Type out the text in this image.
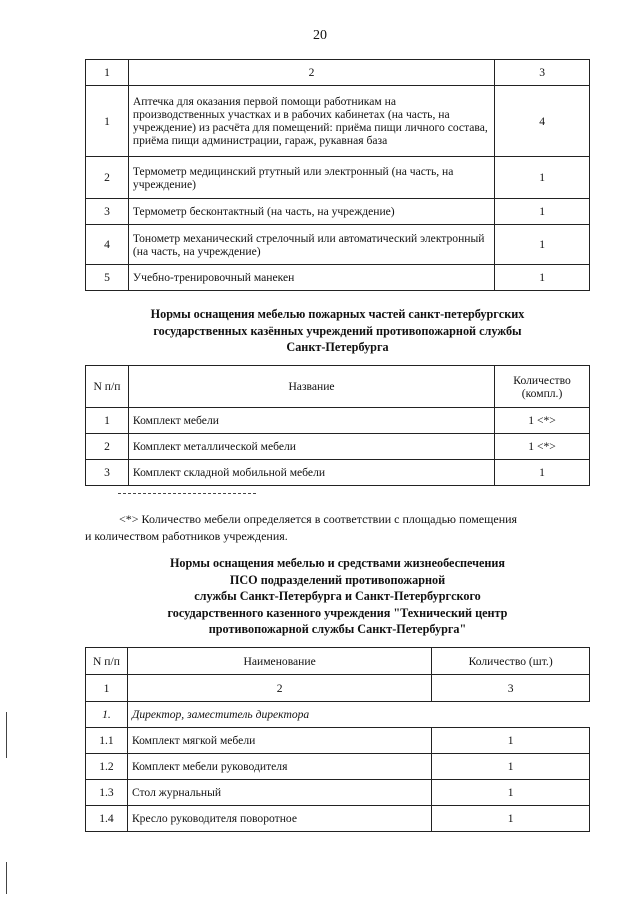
20
1	2	3
1	Аптечка для оказания первой помощи работникам на производственных участках и в рабочих кабинетах (на часть, на учреждение) из расчёта для помещений: приёма пищи личного состава, приёма пищи администрации, гараж, рукавная база	4
2	Термометр медицинский ртутный или электронный (на часть, на учреждение)	1
3	Термометр бесконтактный (на часть, на учреждение)	1
4	Тонометр механический стрелочный или автоматический электронный (на часть, на учреждение)	1
5	Учебно-тренировочный манекен	1
Нормы оснащения мебелью пожарных частей санкт-петербургских
государственных казённых учреждений противопожарной службы
Санкт-Петербурга
N п/п	Название	Количество
(компл.)

1	Комплект мебели	1 <*>
2	Комплект металлической мебели	1 <*>
3	Комплект складной мобильной мебели	1
<*> Количество мебели определяется в соответствии с площадью помещения
и количеством работников учреждения.
Нормы оснащения мебелью и средствами жизнеобеспечения
ПСО подразделений противопожарной
службы Санкт-Петербурга и Санкт-Петербургского
государственного казенного учреждения "Технический центр
противопожарной службы Санкт-Петербурга"
N п/п	Наименование	Количество (шт.)
1	2	3
1.	Директор, заместитель директора	
1.1	Комплект мягкой мебели	1
1.2	Комплект мебели руководителя	1
1.3	Стол журнальный	1
1.4	Кресло руководителя поворотное	1
